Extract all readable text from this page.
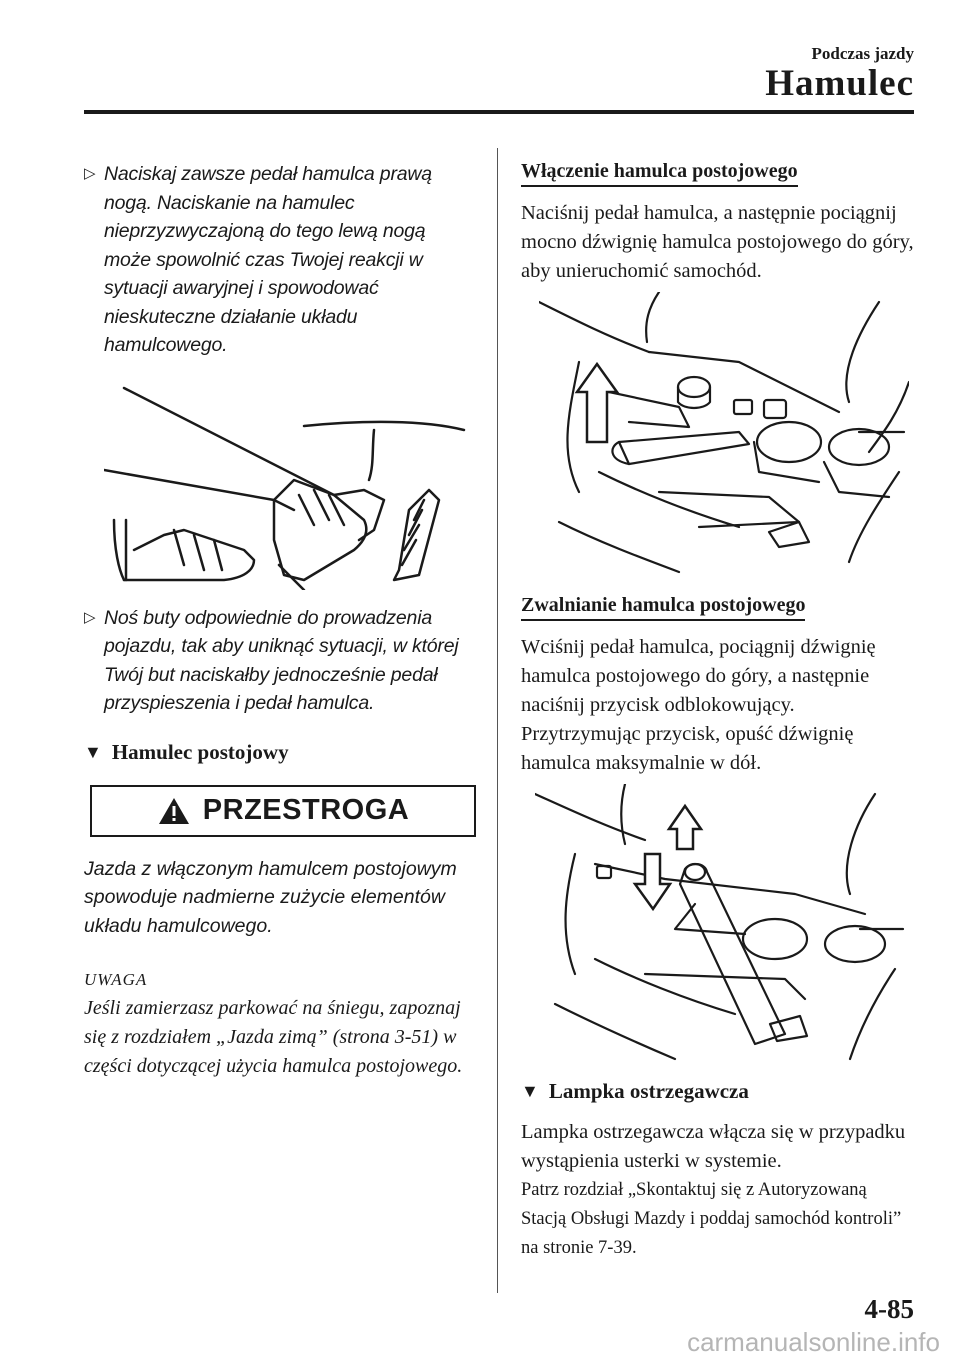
Podczas jazdy
Hamulec
▷ Naciskaj zawsze pedał hamulca prawą nogą. Naciskanie na hamulec nieprzyzwyczajoną do tego lewą nogą może spowolnić czas Twojej reakcji w sytuacji awaryjnej i spowodować nieskuteczne działanie układu hamulcowego.
▷ Noś buty odpowiednie do prowadzenia pojazdu, tak aby uniknąć sytuacji, w której Twój but naciskałby jednocześnie pedał przyspieszenia i pedał hamulca.
▼ Hamulec postojowy
PRZESTROGA
Jazda z włączonym hamulcem postojowym spowoduje nadmierne zużycie elementów układu hamulcowego.
UWAGA
Jeśli zamierzasz parkować na śniegu, zapoznaj się z rozdziałem „Jazda zimą” (strona 3-51) w części dotyczącej użycia hamulca postojowego.
Włączenie hamulca postojowego
Naciśnij pedał hamulca, a następnie pociągnij mocno dźwignię hamulca postojowego do góry, aby unieruchomić samochód.
Zwalnianie hamulca postojowego
Wciśnij pedał hamulca, pociągnij dźwignię hamulca postojowego do góry, a następnie naciśnij przycisk odblokowujący. Przytrzymując przycisk, opuść dźwignię hamulca maksymalnie w dół.
▼ Lampka ostrzegawcza
Lampka ostrzegawcza włącza się w przypadku wystąpienia usterki w systemie.
Patrz rozdział „Skontaktuj się z Autoryzowaną Stacją Obsługi Mazdy i poddaj samochód kontroli” na stronie 7-39.
4-85
carmanualsonline.info
